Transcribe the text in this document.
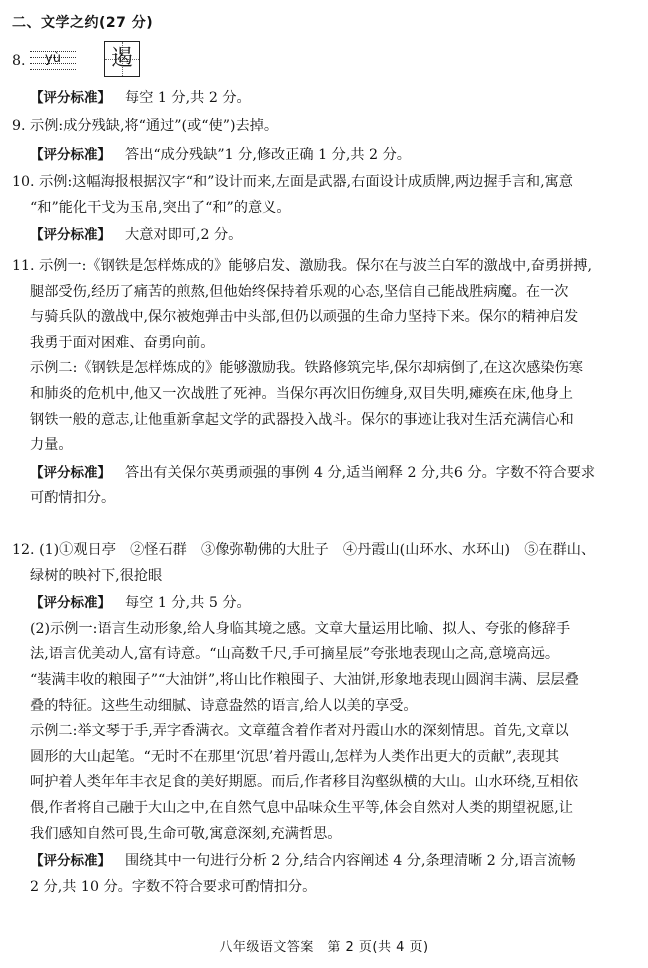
二、文学之约(27 分)
8.	yù	遏

【评分标准】 每空 1 分,共 2 分。

9. 示例:成分残缺,将“通过”(或“使”)去掉。

【评分标准】 答出“成分残缺”1 分,修改正确 1 分,共 2 分。

10. 示例:这幅海报根据汉字“和”设计而来,左面是武器,右面设计成质牌,两边握手言和,寓意

“和”能化干戈为玉帛,突出了“和”的意义。

【评分标准】 大意对即可,2 分。

11. 示例一:《钢铁是怎样炼成的》能够启发、激励我。保尔在与波兰白军的激战中,奋勇拼搏,

腿部受伤,经历了痛苦的煎熬,但他始终保持着乐观的心态,坚信自己能战胜病魔。在一次

与骑兵队的激战中,保尔被炮弹击中头部,但仍以顽强的生命力坚持下来。保尔的精神启发

我勇于面对困难、奋勇向前。

示例二:《钢铁是怎样炼成的》能够激励我。铁路修筑完毕,保尔却病倒了,在这次感染伤寒

和肺炎的危机中,他又一次战胜了死神。当保尔再次旧伤缠身,双目失明,瘫痪在床,他身上

钢铁一般的意志,让他重新拿起文学的武器投入战斗。保尔的事迹让我对生活充满信心和

力量。

【评分标准】 答出有关保尔英勇顽强的事例 4 分,适当阐释 2 分,共6 分。字数不符合要求

可酌情扣分。

12. (1)①观日亭　②怪石群　③像弥勒佛的大肚子　④丹霞山(山环水、水环山)　⑤在群山、

绿树的映衬下,很抢眼

【评分标准】 每空 1 分,共 5 分。

(2)示例一:语言生动形象,给人身临其境之感。文章大量运用比喻、拟人、夸张的修辞手

法,语言优美动人,富有诗意。“山高数千尺,手可摘星辰”夸张地表现山之高,意境高远。

“装满丰收的粮囤子”“大油饼”,将山比作粮囤子、大油饼,形象地表现山圆润丰满、层层叠

叠的特征。这些生动细腻、诗意盎然的语言,给人以美的享受。

示例二:举文琴于手,弄字香满衣。文章蕴含着作者对丹霞山水的深刻情思。首先,文章以

圆形的大山起笔。“无时不在那里‘沉思’着丹霞山,怎样为人类作出更大的贡献”,表现其

呵护着人类年年丰衣足食的美好期愿。而后,作者移目沟壑纵横的大山。山水环绕,互相依

偎,作者将自己融于大山之中,在自然气息中品味众生平等,体会自然对人类的期望祝愿,让

我们感知自然可畏,生命可敬,寓意深刻,充满哲思。

【评分标准】 围绕其中一句进行分析 2 分,结合内容阐述 4 分,条理清晰 2 分,语言流畅

2 分,共 10 分。字数不符合要求可酌情扣分。

八年级语文答案　第 2 页(共 4 页)
